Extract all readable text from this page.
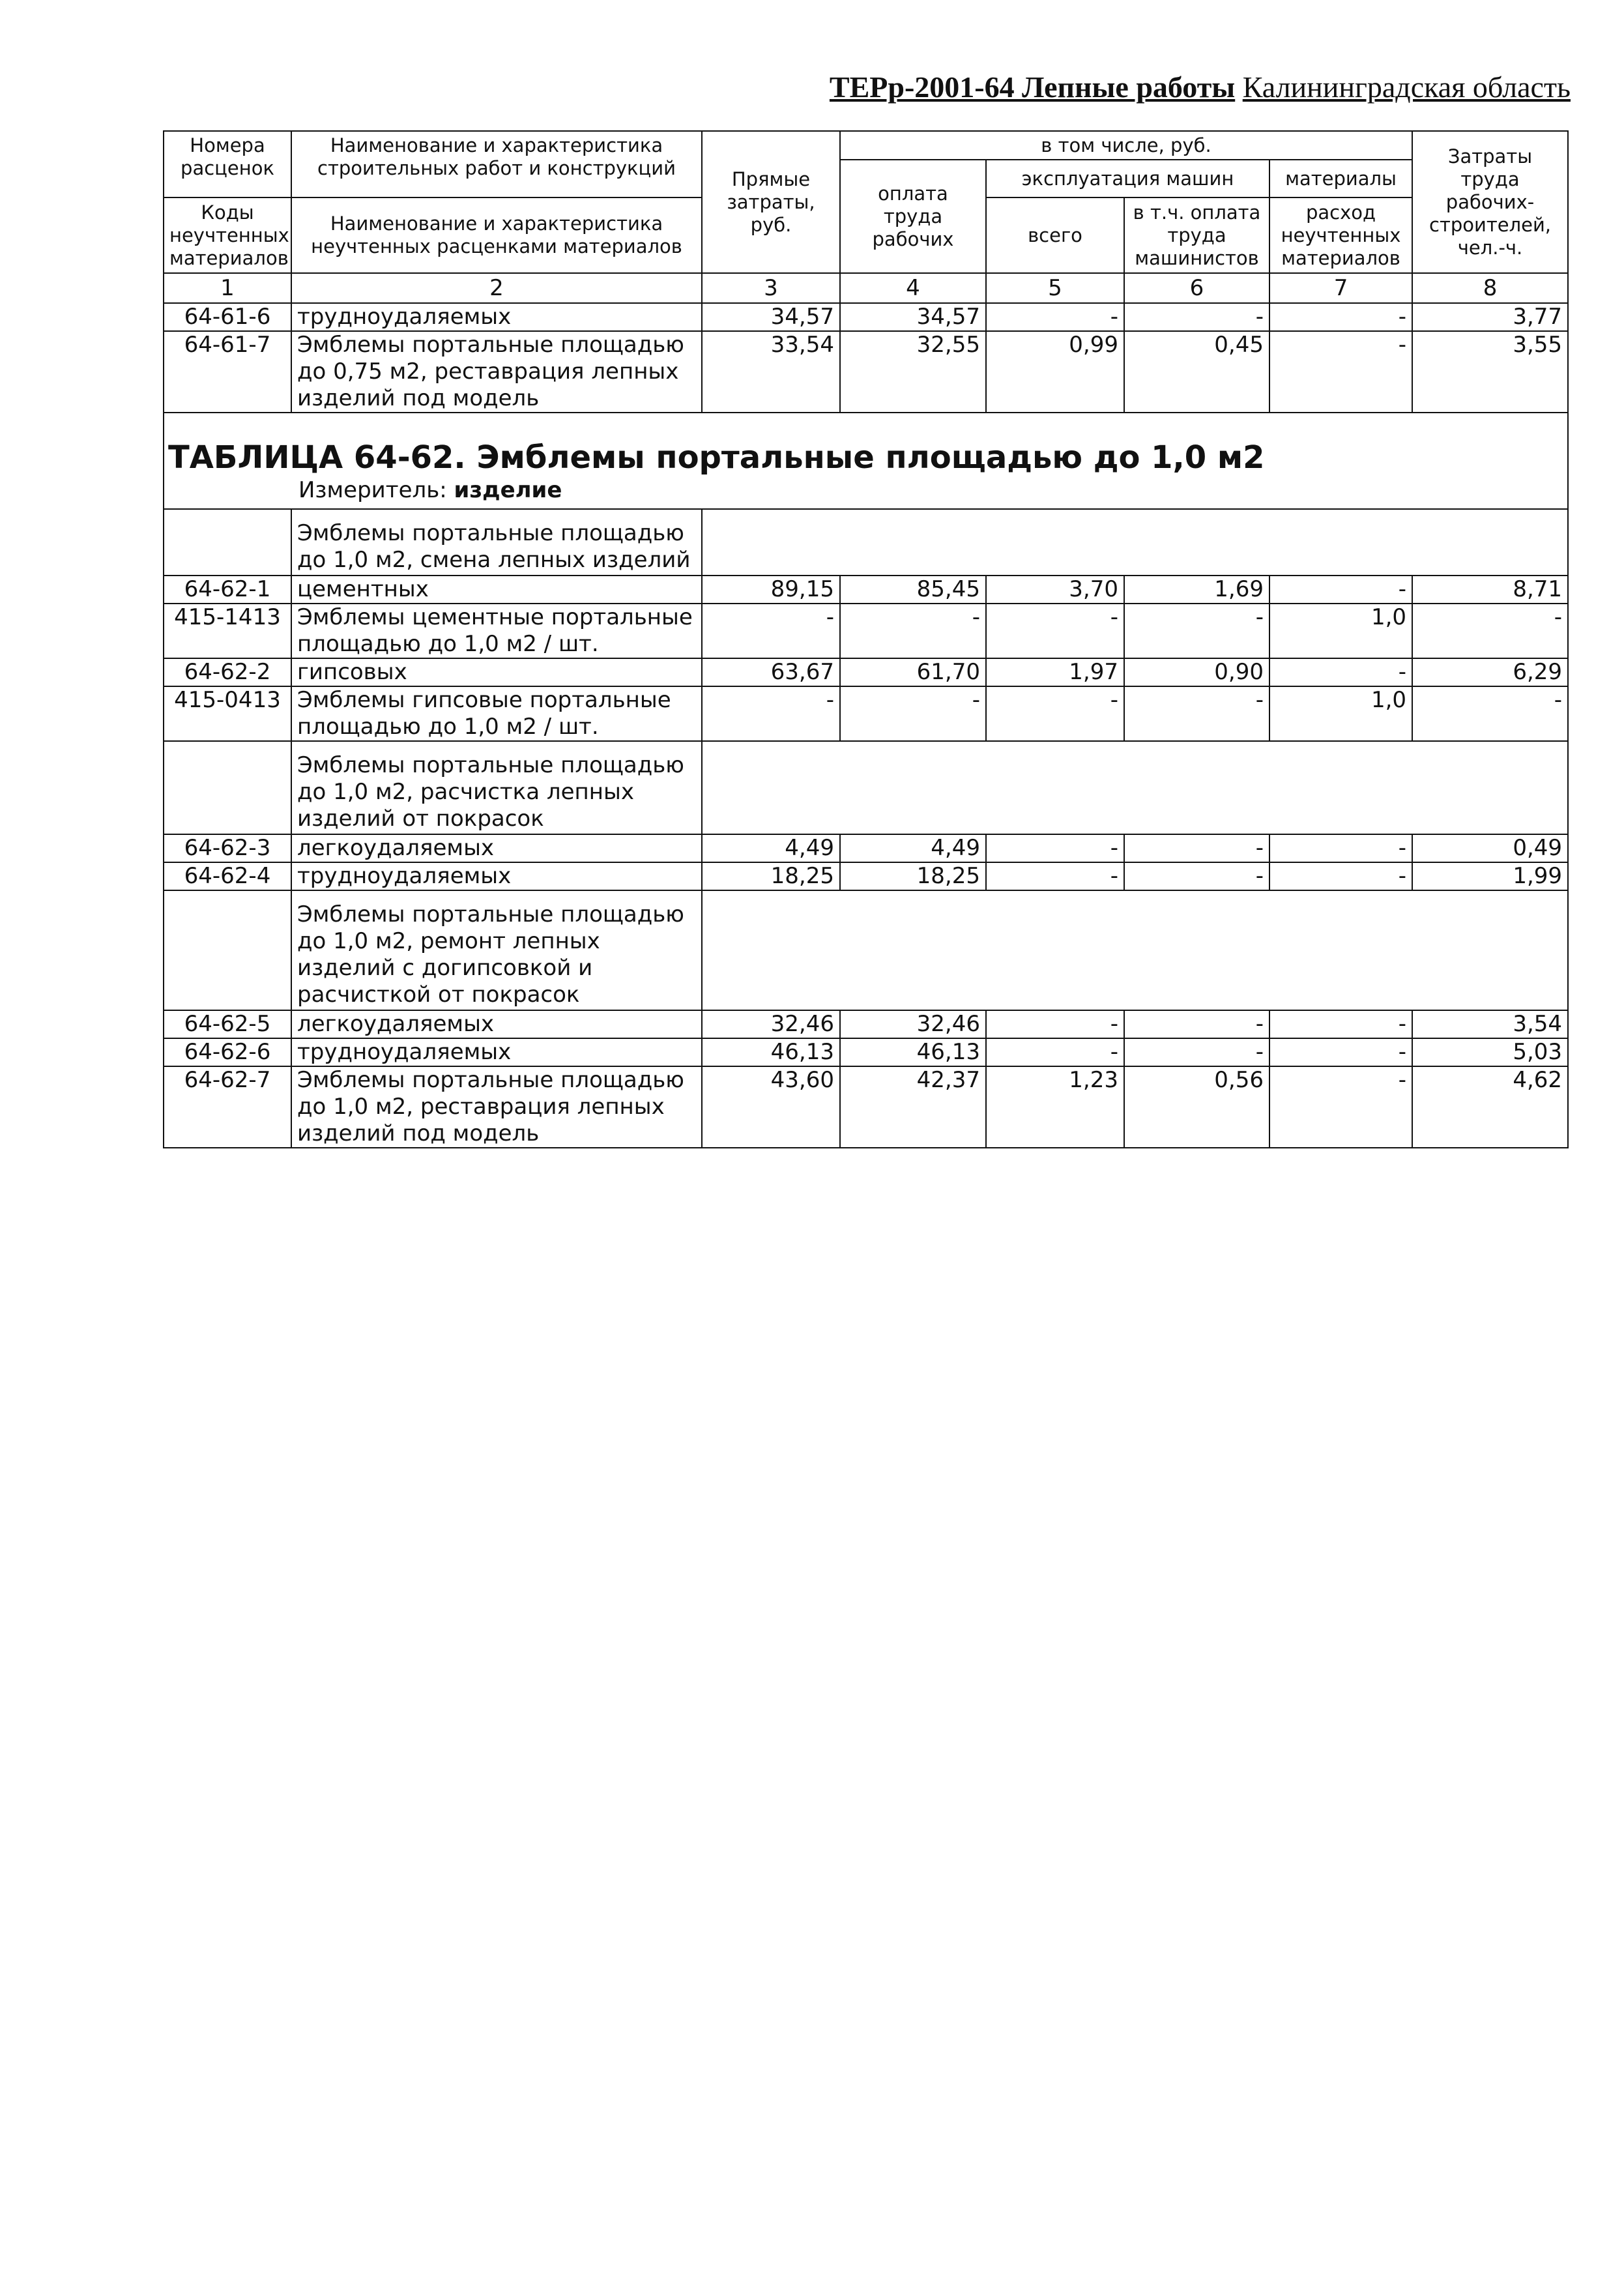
ТЕРр-2001-64 Лепные работы Калининградская область
Номера расценок	Наименование и характеристика строительных работ и конструкций	Прямые затраты, руб.	в том числе, руб.				Затраты труда рабочих-строителей,
чел.-ч.

			оплата труда рабочих	эксплуатация машин		материалы	
Коды неучтенных материалов	Наименование и характеристика неучтенных расценками материалов			всего	в т.ч. оплата труда машинистов	расход неучтенных материалов	

1	2	3	4	5	6	7	8
64-61-6	трудноудаляемых	34,57	34,57	-	-	-	3,77
64-61-7	Эмблемы портальные площадью до 0,75 м2, реставрация лепных изделий под модель	33,54	32,55	0,99	0,45	-	3,55

ТАБЛИЦА 64-62. Эмблемы портальные площадью до 1,0 м2
Измеритель: изделие							

	Эмблемы портальные площадью до 1,0 м2, смена лепных изделий						
64-62-1	цементных	89,15	85,45	3,70	1,69	-	8,71
415-1413	Эмблемы цементные портальные площадью до 1,0 м2 / шт.	-	-	-	-	1,0	-
64-62-2	гипсовых	63,67	61,70	1,97	0,90	-	6,29
415-0413	Эмблемы гипсовые портальные площадью до 1,0 м2 / шт.	-	-	-	-	1,0	-
	Эмблемы портальные площадью до 1,0 м2, расчистка лепных изделий от покрасок						
64-62-3	легкоудаляемых	4,49	4,49	-	-	-	0,49
64-62-4	трудноудаляемых	18,25	18,25	-	-	-	1,99
	Эмблемы портальные площадью до 1,0 м2, ремонт лепных изделий с догипсовкой и расчисткой от покрасок						
64-62-5	легкоудаляемых	32,46	32,46	-	-	-	3,54
64-62-6	трудноудаляемых	46,13	46,13	-	-	-	5,03
64-62-7	Эмблемы портальные площадью до 1,0 м2, реставрация лепных изделий под модель	43,60	42,37	1,23	0,56	-	4,62
